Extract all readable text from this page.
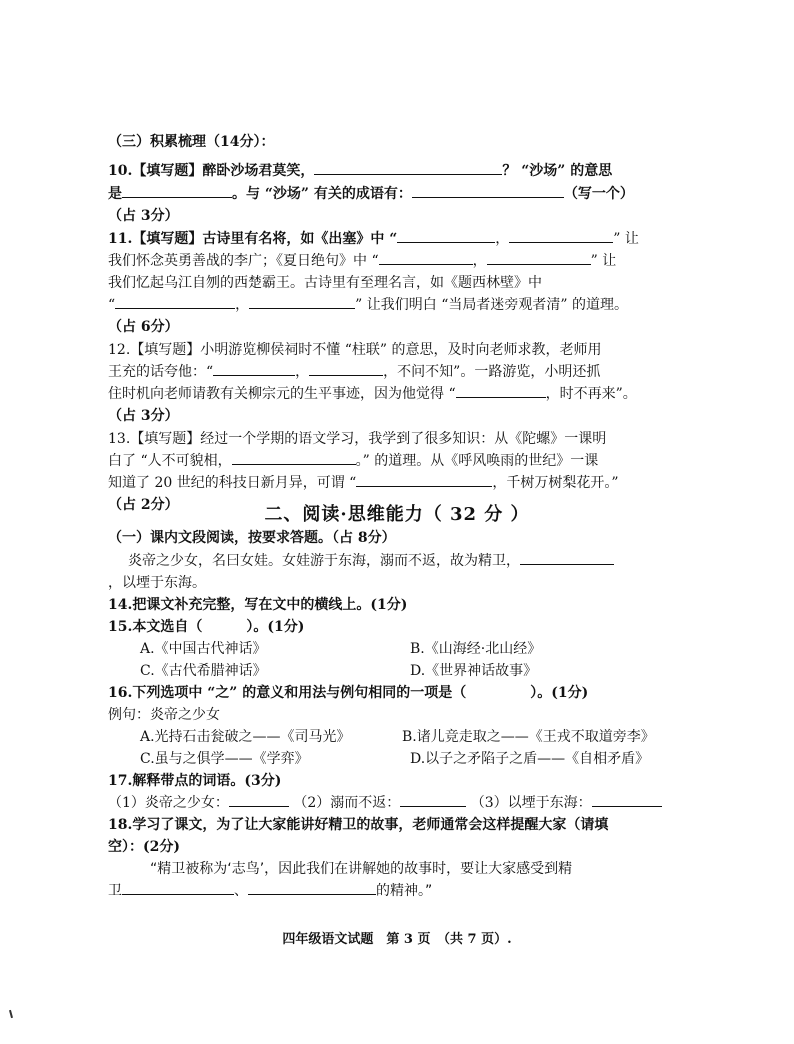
（三）积累梳理（14分）：
10.【填写题】醉卧沙场君莫笑，	？ “沙场” 的意思
是	。与 “沙场” 有关的成语有：	（写一个）
（占 3分）
11.【填写题】古诗里有名将，如《出塞》中 “	，	” 让
我们怀念英勇善战的李广；《夏日绝句》中 “	，	” 让
我们忆起乌江自刎的西楚霸王。古诗里有至理名言，如《题西林壁》中
“	，	” 让我们明白 “当局者迷旁观者清” 的道理。
（占 6分）
12.【填写题】小明游览柳侯祠时不懂 “柱联” 的意思，及时向老师求教，老师用
王充的话夸他：“	，	，不问不知”。一路游览，小明还抓
住时机向老师请教有关柳宗元的生平事迹，因为他觉得 “	，时不再来”。
（占 3分）
13.【填写题】经过一个学期的语文学习，我学到了很多知识：从《陀螺》一课明
白了 “人不可貌相，	。” 的道理。从《呼风唤雨的世纪》一课
知道了 20 世纪的科技日新月异，可谓 “	，千树万树梨花开。”
（占 2分）	二、阅读·思维能力（ 32 分 ）
（一）课内文段阅读，按要求答题。（占 8分）
炎帝之少女，名曰女娃。女娃游于东海，溺而不返，故为精卫，
，以堙于东海。
14.把课文补充完整，写在文中的横线上。(1分)
15.本文选自（	）。(1分)
A.《中国古代神话》	B.《山海经·北山经》
C.《古代希腊神话》	D.《世界神话故事》
16.下列选项中 “之” 的意义和用法与例句相同的一项是（	）。(1分)
例句：炎帝之少女
A.光持石击瓮破之——《司马光》	B.诸儿竞走取之——《王戎不取道旁李》
C.虽与之俱学——《学弈》	D.以子之矛陷子之盾——《自相矛盾》
17.解释带点的词语。(3分)
（1）炎帝之少女：	（2）溺而不返：	（3）以堙于东海：
18.学习了课文，为了让大家能讲好精卫的故事，老师通常会这样提醒大家（请填
空）：(2分)
“精卫被称为‘志鸟’，因此我们在讲解她的故事时，要让大家感受到精
卫	、	的精神。”
四年级语文试题　第 3 页　（共 7 页）.
